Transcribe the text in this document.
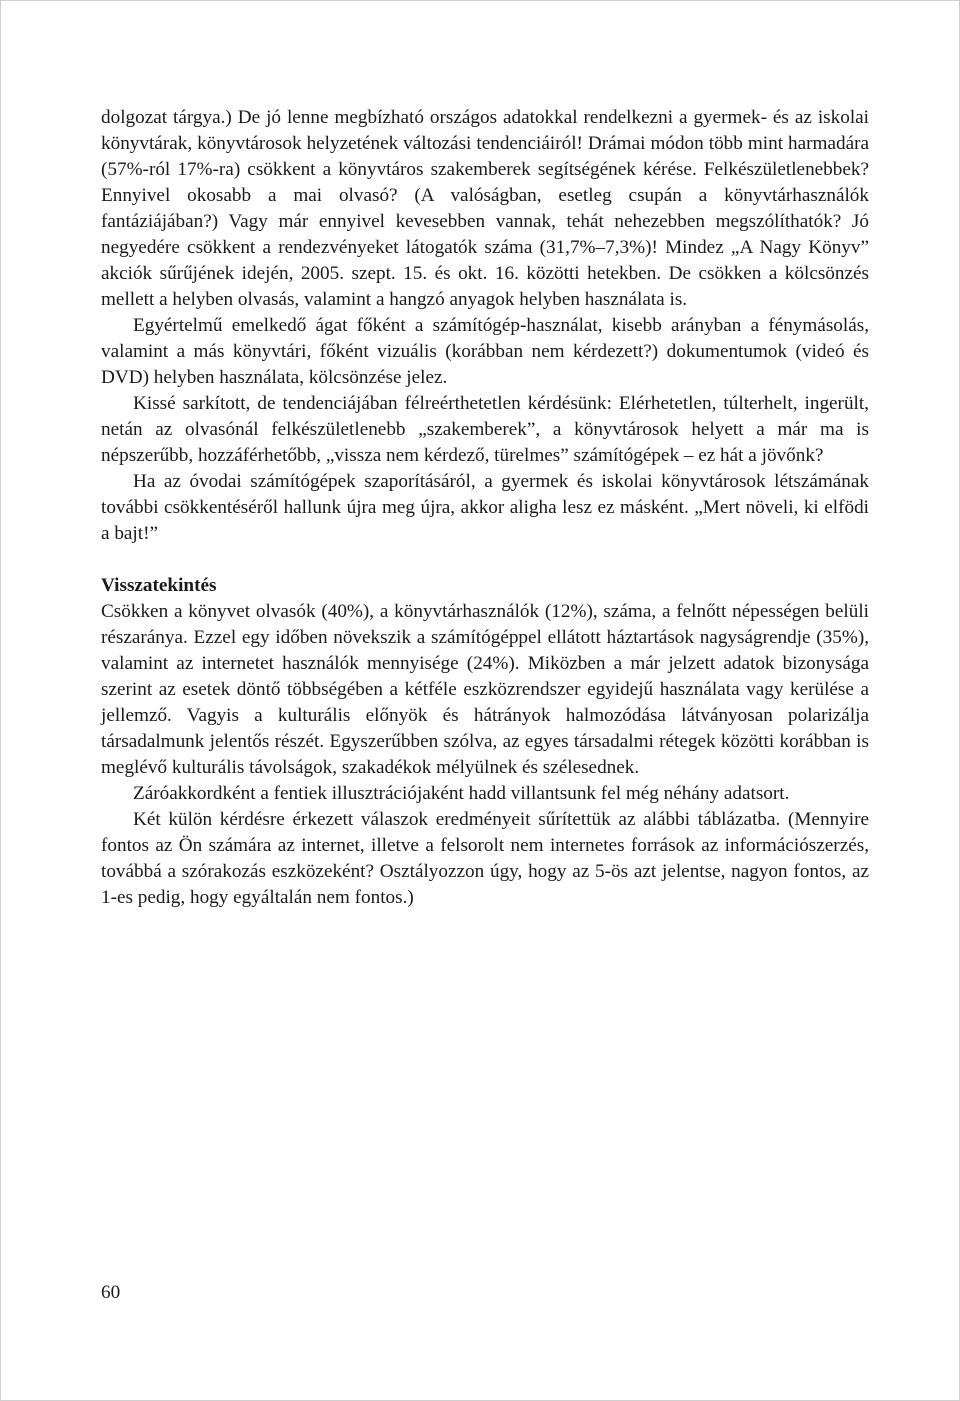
dolgozat tárgya.) De jó lenne megbízható országos adatokkal rendelkezni a gyermek- és az iskolai könyvtárak, könyvtárosok helyzetének változási tendenciáiról! Drámai módon több mint harmadára (57%-ról 17%-ra) csökkent a könyvtáros szakemberek segítségének kérése. Felkészületlenebbek? Ennyivel okosabb a mai olvasó? (A valóságban, esetleg csupán a könyvtárhasználók fantáziájában?) Vagy már ennyivel kevesebben vannak, tehát nehezebben megszólíthatók? Jó negyedére csökkent a rendezvényeket látogatók száma (31,7%–7,3%)! Mindez „A Nagy Könyv” akciók sűrűjének idején, 2005. szept. 15. és okt. 16. közötti hetekben. De csökken a kölcsönzés mellett a helyben olvasás, valamint a hangzó anyagok helyben használata is.

Egyértelmű emelkedő ágat főként a számítógép-használat, kisebb arányban a fénymásolás, valamint a más könyvtári, főként vizuális (korábban nem kérdezett?) dokumentumok (videó és DVD) helyben használata, kölcsönzése jelez.

Kissé sarkított, de tendenciájában félreérthetetlen kérdésünk: Elérhetetlen, túlterhelt, ingerült, netán az olvasónál felkészületlenebb „szakemberek”, a könyvtárosok helyett a már ma is népszerűbb, hozzáférhetőbb, „vissza nem kérdező, türelmes” számítógépek – ez hát a jövőnk?

Ha az óvodai számítógépek szaporításáról, a gyermek és iskolai könyvtárosok létszámának további csökkentéséről hallunk újra meg újra, akkor aligha lesz ez másként. „Mert növeli, ki elfödi a bajt!”

Visszatekintés

Csökken a könyvet olvasók (40%), a könyvtárhasználók (12%), száma, a felnőtt népességen belüli részaránya. Ezzel egy időben növekszik a számítógéppel ellátott háztartások nagyságrendje (35%), valamint az internetet használók mennyisége (24%). Miközben a már jelzett adatok bizonysága szerint az esetek döntő többségében a kétféle eszközrendszer egyidejű használata vagy kerülése a jellemző. Vagyis a kulturális előnyök és hátrányok halmozódása látványosan polarizálja társadalmunk jelentős részét. Egyszerűbben szólva, az egyes társadalmi rétegek közötti korábban is meglévő kulturális távolságok, szakadékok mélyülnek és szélesednek.

Záróakkordként a fentiek illusztrációjaként hadd villantsunk fel még néhány adatsort.

Két külön kérdésre érkezett válaszok eredményeit sűrítettük az alábbi táblázatba. (Mennyire fontos az Ön számára az internet, illetve a felsorolt nem internetes források az információszerzés, továbbá a szórakozás eszközeként? Osztályozzon úgy, hogy az 5-ös azt jelentse, nagyon fontos, az 1-es pedig, hogy egyáltalán nem fontos.)

60
